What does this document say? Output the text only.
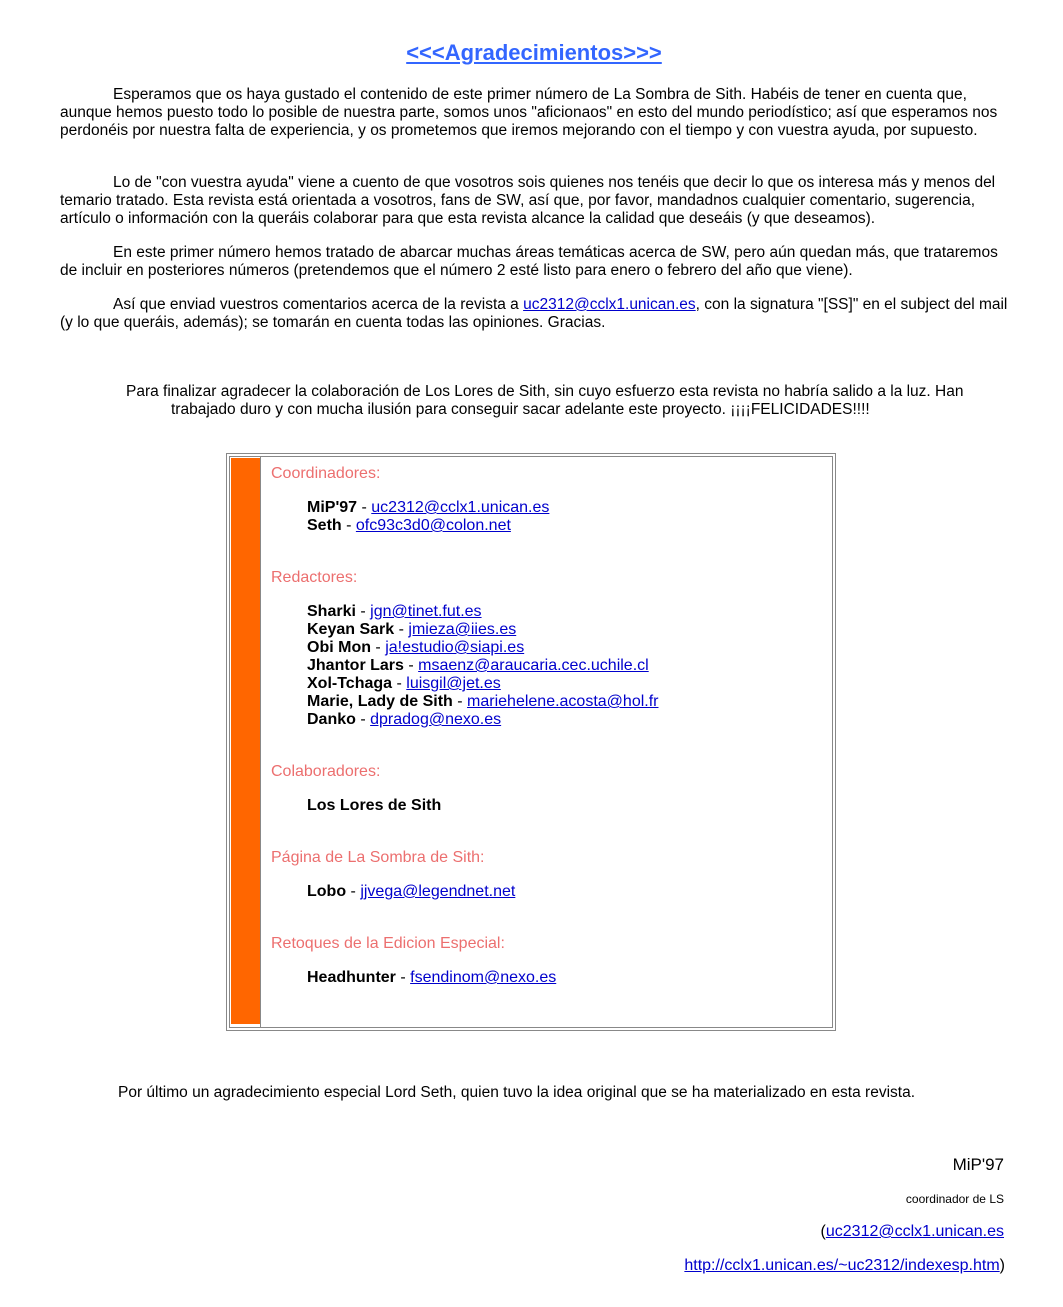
<<<Agradecimientos>>>

Esperamos que os haya gustado el contenido de este primer número de La Sombra de Sith. Habéis de tener en cuenta que, aunque hemos puesto todo lo posible de nuestra parte, somos unos "aficionaos" en esto del mundo periodístico; así que esperamos nos perdonéis por nuestra falta de experiencia, y os prometemos que iremos mejorando con el tiempo y con vuestra ayuda, por supuesto.

Lo de "con vuestra ayuda" viene a cuento de que vosotros sois quienes nos tenéis que decir lo que os interesa más y menos del temario tratado. Esta revista está orientada a vosotros, fans de SW, así que, por favor, mandadnos cualquier comentario, sugerencia, artículo o información con la queráis colaborar para que esta revista alcance la calidad que deseáis (y que deseamos).

En este primer número hemos tratado de abarcar muchas áreas temáticas acerca de SW, pero aún quedan más, que trataremos de incluir en posteriores números (pretendemos que el número 2 esté listo para enero o febrero del año que viene).

Así que enviad vuestros comentarios acerca de la revista a uc2312@cclx1.unican.es, con la signatura "[SS]" en el subject del mail (y lo que queráis, además); se tomarán en cuenta todas las opiniones. Gracias.

Para finalizar agradecer la colaboración de Los Lores de Sith, sin cuyo esfuerzo esta revista no habría salido a la luz. Han
trabajado duro y con mucha ilusión para conseguir sacar adelante este proyecto. ¡¡¡¡FELICIDADES!!!!

Coordinadores:
MiP'97 - uc2312@cclx1.unican.es
Seth - ofc93c3d0@colon.net
Redactores:
Sharki - jgn@tinet.fut.es
Keyan Sark - jmieza@iies.es
Obi Mon - ja!estudio@siapi.es
Jhantor Lars - msaenz@araucaria.cec.uchile.cl
Xol-Tchaga - luisgil@jet.es
Marie, Lady de Sith - mariehelene.acosta@hol.fr
Danko - dpradog@nexo.es
Colaboradores:
Los Lores de Sith
Página de La Sombra de Sith:
Lobo - jjvega@legendnet.net
Retoques de la Edicion Especial:
Headhunter - fsendinom@nexo.es
Por último un agradecimiento especial Lord Seth, quien tuvo la idea original que se ha materializado en esta revista.
MiP'97
coordinador de LS
(uc2312@cclx1.unican.es
http://cclx1.unican.es/~uc2312/indexesp.htm)
